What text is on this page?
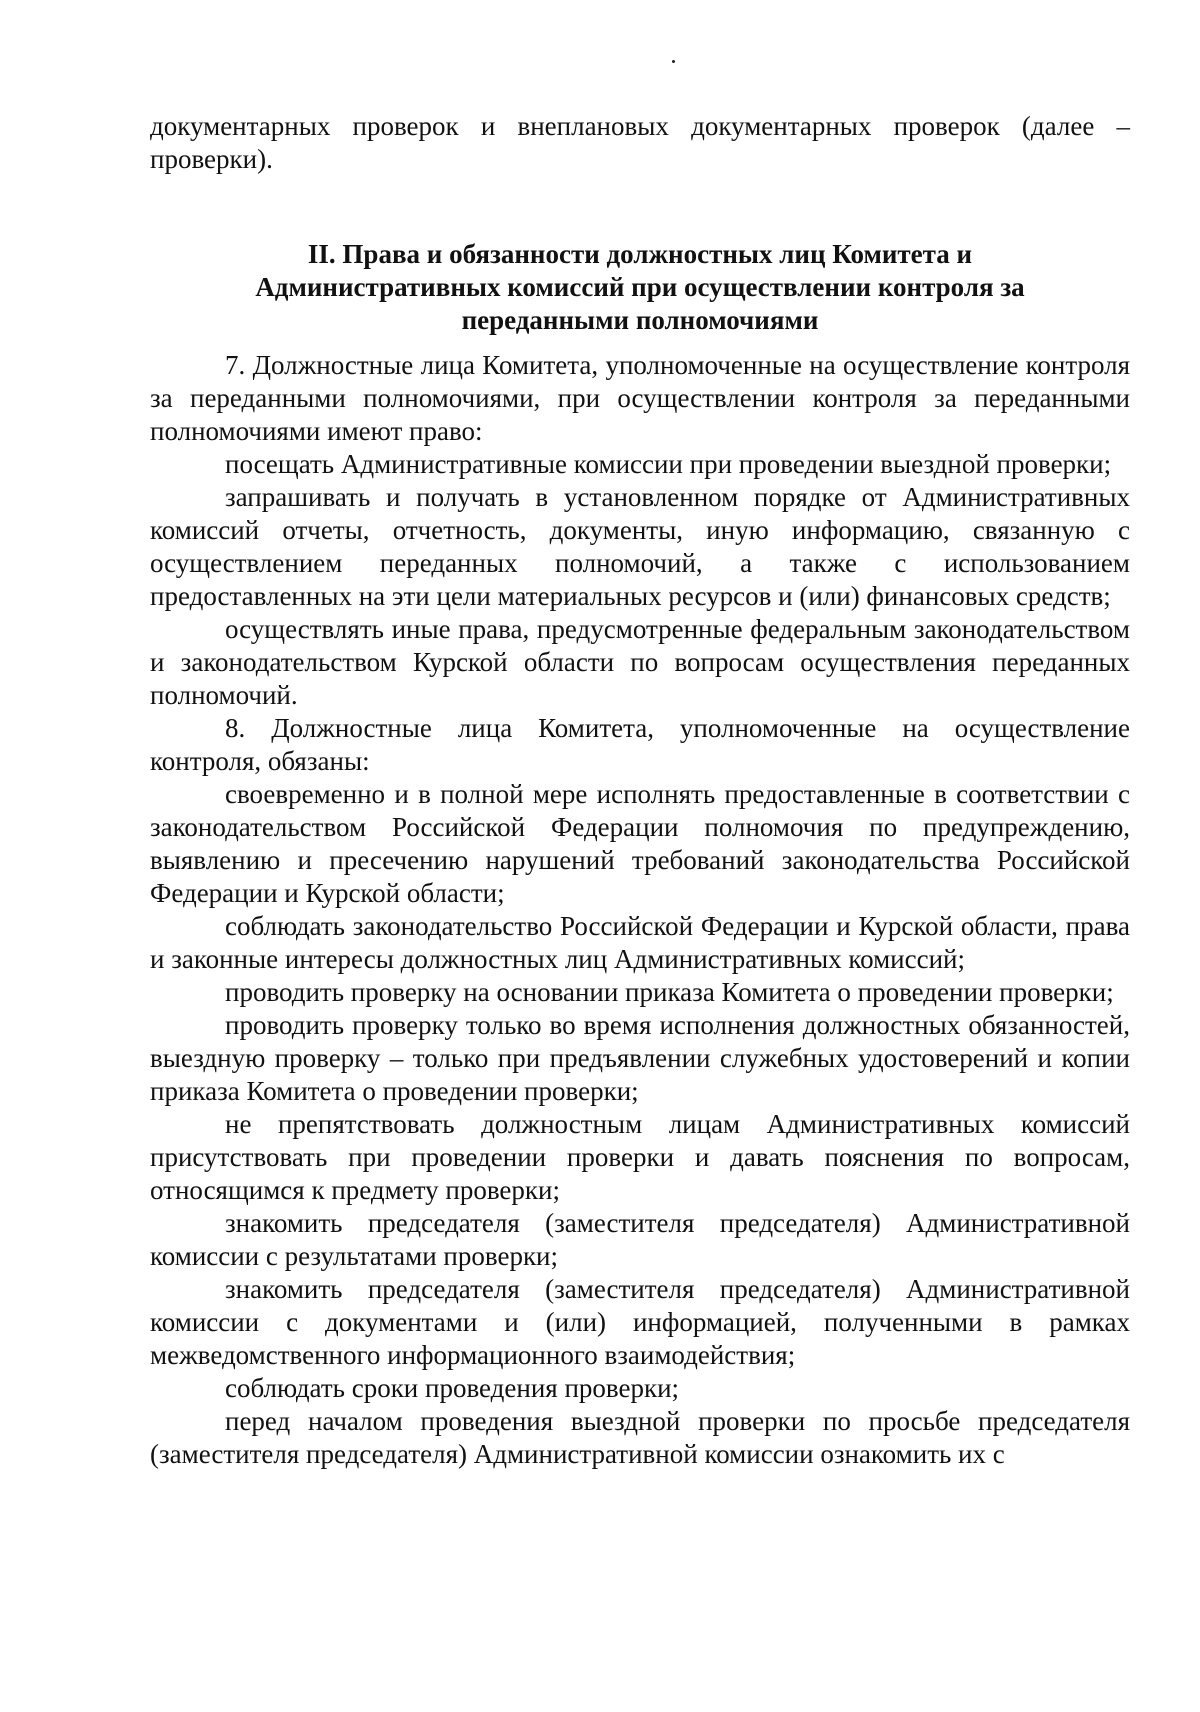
документарных проверок и внеплановых документарных проверок (далее – проверки).

II. Права и обязанности должностных лиц Комитета и
Административных комиссий при осуществлении контроля за
переданными полномочиями

7. Должностные лица Комитета, уполномоченные на осуществление контроля за переданными полномочиями, при осуществлении контроля за переданными полномочиями имеют право:

посещать Административные комиссии при проведении выездной проверки;

запрашивать и получать в установленном порядке от Административных комиссий отчеты, отчетность, документы, иную информацию, связанную с осуществлением переданных полномочий, а также с использованием предоставленных на эти цели материальных ресурсов и (или) финансовых средств;

осуществлять иные права, предусмотренные федеральным законодательством и законодательством Курской области по вопросам осуществления переданных полномочий.

8. Должностные лица Комитета, уполномоченные на осуществление контроля, обязаны:

своевременно и в полной мере исполнять предоставленные в соответствии с законодательством Российской Федерации полномочия по предупреждению, выявлению и пресечению нарушений требований законодательства Российской Федерации и Курской области;

соблюдать законодательство Российской Федерации и Курской области, права и законные интересы должностных лиц Административных комиссий;

проводить проверку на основании приказа Комитета о проведении проверки;

проводить проверку только во время исполнения должностных обязанностей, выездную проверку – только при предъявлении служебных удостоверений и копии приказа Комитета о проведении проверки;

не препятствовать должностным лицам Административных комиссий присутствовать при проведении проверки и давать пояснения по вопросам, относящимся к предмету проверки;

знакомить председателя (заместителя председателя) Административной комиссии с результатами проверки;

знакомить председателя (заместителя председателя) Административной комиссии с документами и (или) информацией, полученными в рамках межведомственного информационного взаимодействия;

соблюдать сроки проведения проверки;

перед началом проведения выездной проверки по просьбе председателя (заместителя председателя) Административной комиссии ознакомить их с
